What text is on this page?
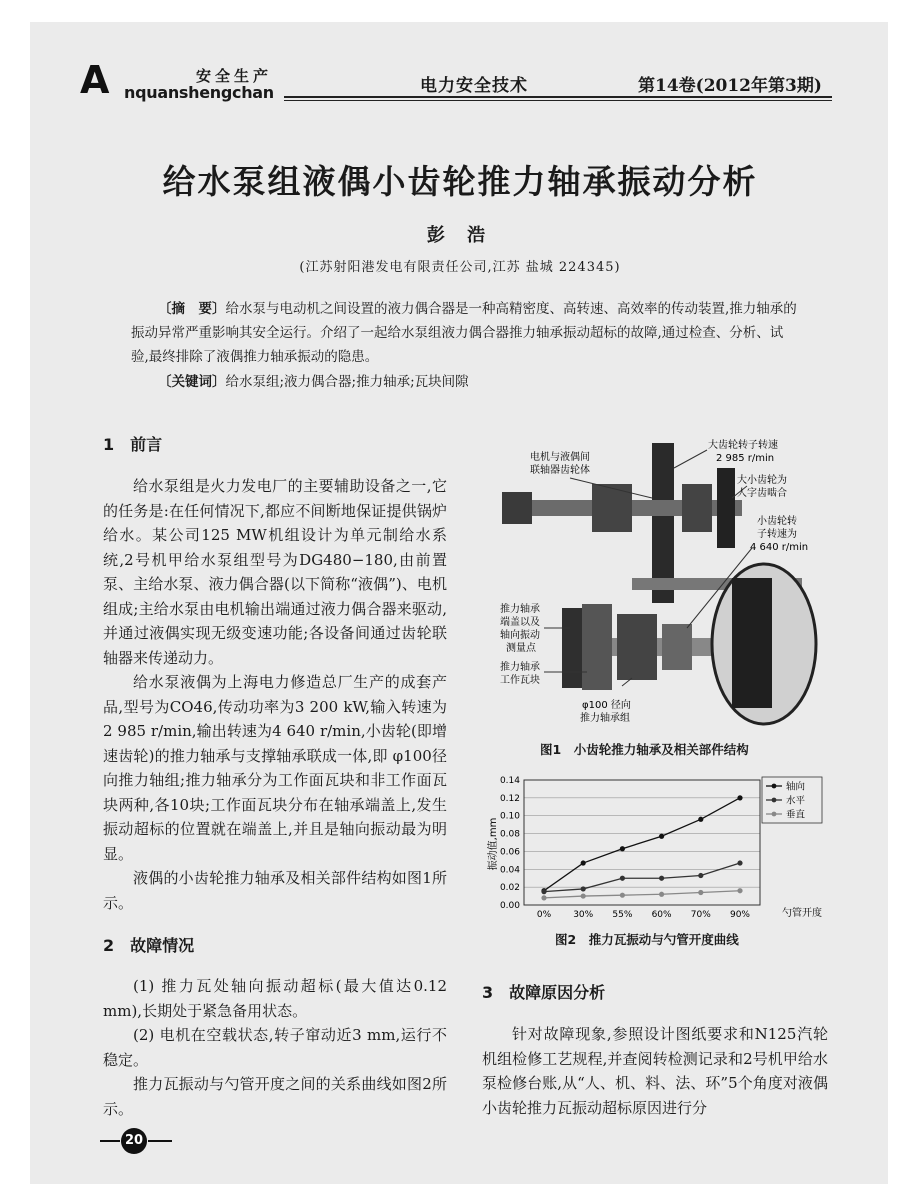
A	安全生产
nquanshengchan	电力安全技术	第14卷(2012年第3期)
给水泵组液偶小齿轮推力轴承振动分析
彭 浩
(江苏射阳港发电有限责任公司,江苏 盐城 224345)
〔摘　要〕给水泵与电动机之间设置的液力偶合器是一种高精密度、高转速、高效率的传动装置,推力轴承的振动异常严重影响其安全运行。介绍了一起给水泵组液力偶合器推力轴承振动超标的故障,通过检查、分析、试验,最终排除了液偶推力轴承振动的隐患。
〔关键词〕给水泵组;液力偶合器;推力轴承;瓦块间隙
1　前言
给水泵组是火力发电厂的主要辅助设备之一,它的任务是:在任何情况下,都应不间断地保证提供锅炉给水。某公司125 MW机组设计为单元制给水系统,2号机甲给水泵组型号为DG480−180,由前置泵、主给水泵、液力偶合器(以下简称“液偶”)、电机组成;主给水泵由电机输出端通过液力偶合器来驱动,并通过液偶实现无级变速功能;各设备间通过齿轮联轴器来传递动力。
给水泵液偶为上海电力修造总厂生产的成套产品,型号为CO46,传动功率为3 200 kW,输入转速为2 985 r/min,输出转速为4 640 r/min,小齿轮(即增速齿轮)的推力轴承与支撑轴承联成一体,即 φ100径向推力轴组;推力轴承分为工作面瓦块和非工作面瓦块两种,各10块;工作面瓦块分布在轴承端盖上,发生振动超标的位置就在端盖上,并且是轴向振动最为明显。
液偶的小齿轮推力轴承及相关部件结构如图1所示。
2　故障情况
(1) 推力瓦处轴向振动超标(最大值达0.12 mm),长期处于紧急备用状态。
(2) 电机在空载状态,转子窜动近3 mm,运行不稳定。
推力瓦振动与勺管开度之间的关系曲线如图2所示。
电机与液偶间
联轴器齿轮体
大齿轮转子转速
2 985 r/min
大小齿轮为
人字齿啮合
小齿轮转
子转速为
4 640 r/min
推力轴承
端盖以及
轴向振动
测量点
推力轴承
工作瓦块
φ100 径向
推力轴承组
图1　小齿轮推力轴承及相关部件结构
0.00
0.02
0.04
0.06
0.08
0.10
0.12
0.14
0% 30% 55% 60% 70% 90%
轴向
水平
垂直
振动值,mm
勺管开度
图2　推力瓦振动与勺管开度曲线
3　故障原因分析
针对故障现象,参照设计图纸要求和N125汽轮机组检修工艺规程,并查阅转检测记录和2号机甲给水泵检修台账,从“人、机、料、法、环”5个角度对液偶小齿轮推力瓦振动超标原因进行分
20
